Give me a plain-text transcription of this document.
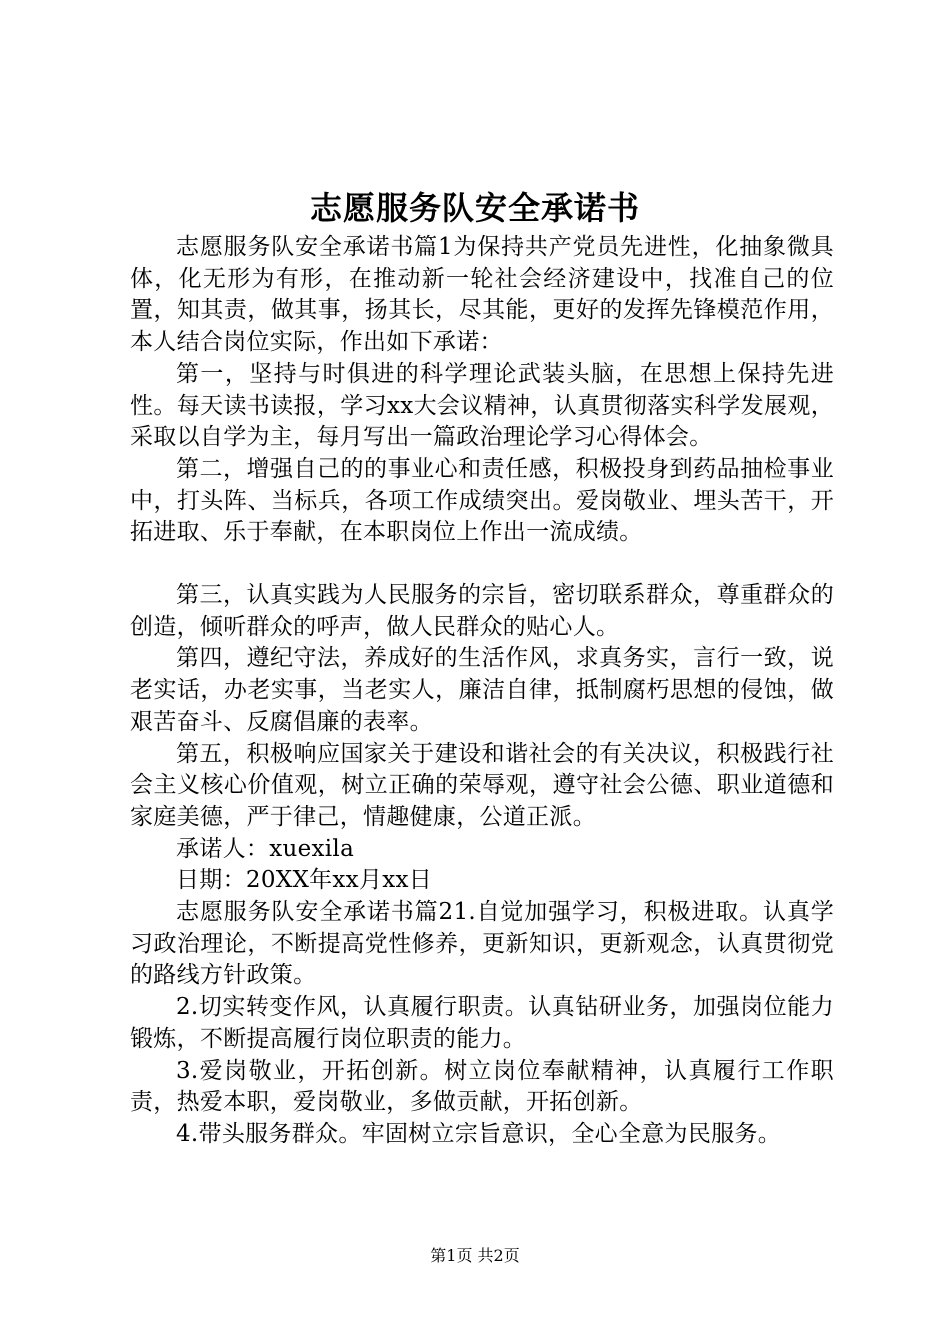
志愿服务队安全承诺书

志愿服务队安全承诺书篇1为保持共产党员先进性，化抽象微具体，化无形为有形，在推动新一轮社会经济建设中，找准自己的位置，知其责，做其事，扬其长，尽其能，更好的发挥先锋模范作用，本人结合岗位实际，作出如下承诺：

第一，坚持与时俱进的科学理论武装头脑，在思想上保持先进性。每天读书读报，学习xx大会议精神，认真贯彻落实科学发展观，采取以自学为主，每月写出一篇政治理论学习心得体会。

第二，增强自己的的事业心和责任感，积极投身到药品抽检事业中，打头阵、当标兵，各项工作成绩突出。爱岗敬业、埋头苦干，开拓进取、乐于奉献，在本职岗位上作出一流成绩。

第三，认真实践为人民服务的宗旨，密切联系群众，尊重群众的创造，倾听群众的呼声，做人民群众的贴心人。

第四，遵纪守法，养成好的生活作风，求真务实，言行一致，说老实话，办老实事，当老实人，廉洁自律，抵制腐朽思想的侵蚀，做艰苦奋斗、反腐倡廉的表率。

第五，积极响应国家关于建设和谐社会的有关决议，积极践行社会主义核心价值观，树立正确的荣辱观，遵守社会公德、职业道德和家庭美德，严于律己，情趣健康，公道正派。

承诺人：xuexila

日期：20XX年xx月xx日

志愿服务队安全承诺书篇21.自觉加强学习，积极进取。认真学习政治理论，不断提高党性修养，更新知识，更新观念，认真贯彻党的路线方针政策。

2.切实转变作风，认真履行职责。认真钻研业务，加强岗位能力锻炼，不断提高履行岗位职责的能力。

3.爱岗敬业，开拓创新。树立岗位奉献精神，认真履行工作职责，热爱本职，爱岗敬业，多做贡献，开拓创新。

4.带头服务群众。牢固树立宗旨意识，全心全意为民服务。

第1页 共2页
